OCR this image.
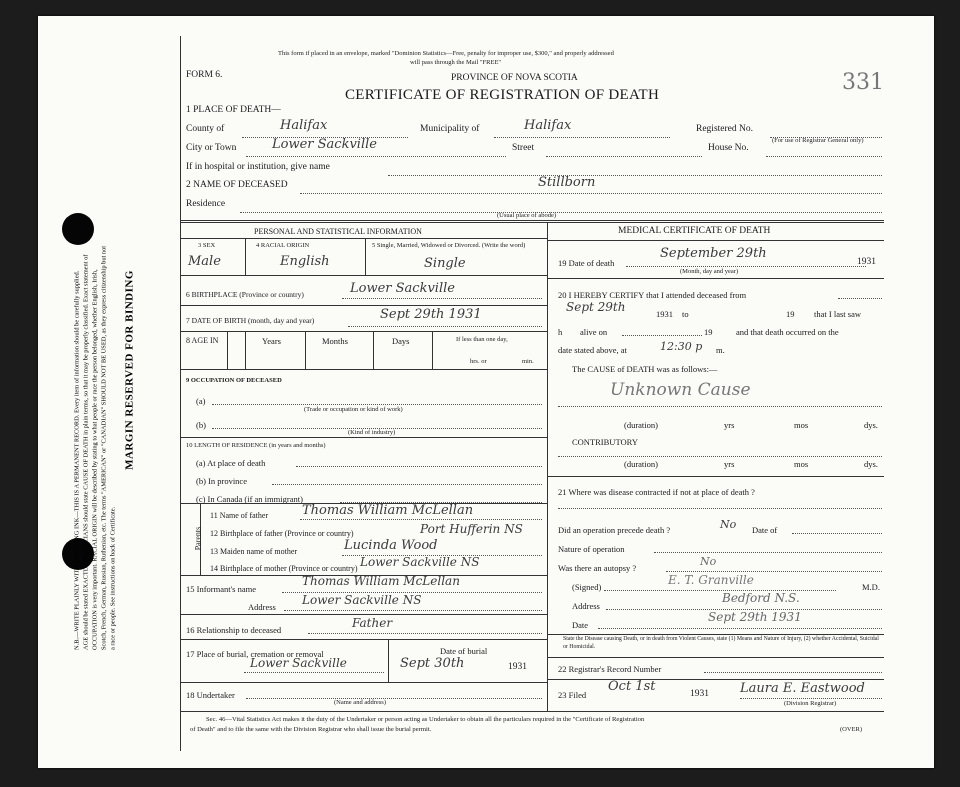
N.B.—WRITE PLAINLY WITH UNFADING INK—THIS IS A PERMANENT RECORD. Every item of information should be carefully supplied. AGE should be stated EXACTLY. PHYSICIANS should state CAUSE OF DEATH in plain terms, so that it may be properly classified. Exact statement of OCCUPATION is very important. RACIAL ORIGIN will be described by stating to what people or race the person belonged, whether English, Irish, Scotch, French, German, Russian, Ruthenian, etc. The terms "AMERICAN" or "CANADIAN" SHOULD NOT BE USED, as they express citizenship but not a race or people. See instructions on back of Certificate.
MARGIN RESERVED FOR BINDING
This form if placed in an envelope, marked "Dominion Statistics—Free, penalty for improper use, $300," and properly addressed
will pass through the Mail "FREE"
FORM 6.	PROVINCE OF NOVA SCOTIA
CERTIFICATE OF REGISTRATION OF DEATH	331
1 PLACE OF DEATH—
County of	Halifax	Municipality of	Halifax	Registered No.
(For use of Registrar General only)
City or Town	Lower Sackville	Street	House No.
If in hospital or institution, give name
2 NAME OF DECEASED	Stillborn
Residence
(Usual place of abode)
PERSONAL AND STATISTICAL INFORMATION
3 SEX
Male
4 RACIAL ORIGIN
English
5 Single, Married, Widowed or Divorced. (Write the word)
Single
6 BIRTHPLACE (Province or country)	Lower Sackville
7 DATE OF BIRTH (month, day and year)	Sept 29th 1931
8 AGE IN	Years	Months	Days	If less than one day,
hrs. or	min.
9 OCCUPATION OF DECEASED
(a)
(Trade or occupation or kind of work)
(b)
(Kind of industry)
10 LENGTH OF RESIDENCE (in years and months)
(a) At place of death
(b) In province
(c) In Canada (if an immigrant)
Parents
11 Name of father	Thomas William McLellan
12 Birthplace of father (Province or country)	Port Hufferin NS
13 Maiden name of mother	Lucinda Wood
14 Birthplace of mother (Province or country) Lower Sackville NS
15 Informant's name
Thomas William McLellan
Address Lower Sackville NS
16 Relationship to deceased	Father
17 Place of burial, cremation or removal
Lower Sackville
Date of burial
Sept 30th	1931
18 Undertaker
(Name and address)
MEDICAL CERTIFICATE OF DEATH
19 Date of death
September 29th
1931
(Month, day and year)
20 I HEREBY CERTIFY that I attended deceased from
Sept 29th	1931 to	19 that I last saw
h alive on	19	and that death occurred on the
date stated above, at	12:30 p m.
The CAUSE of DEATH was as follows:—
Unknown Cause
(duration)	yrs	mos	dys.
CONTRIBUTORY
(duration)	yrs	mos	dys.
21 Where was disease contracted if not at place of death ?
Did an operation precede death ?	No Date of
Nature of operation
Was there an autopsy ?	No
(Signed)	E. T. Granville	M.D.
Address
Bedford N.S.
Date
Sept 29th 1931
State the Disease causing Death, or in death from Violent Causes, state (1) Means and Nature of Injury, (2) whether Accidental, Suicidal or Homicidal.
22 Registrar's Record Number
23 Filed
Oct 1st	1931 Laura E. Eastwood
(Division Registrar)
Sec. 46—Vital Statistics Act makes it the duty of the Undertaker or person acting as Undertaker to obtain all the particulars required in the "Certificate of Registration
of Death" and to file the same with the Division Registrar who shall issue the burial permit.	(OVER)
